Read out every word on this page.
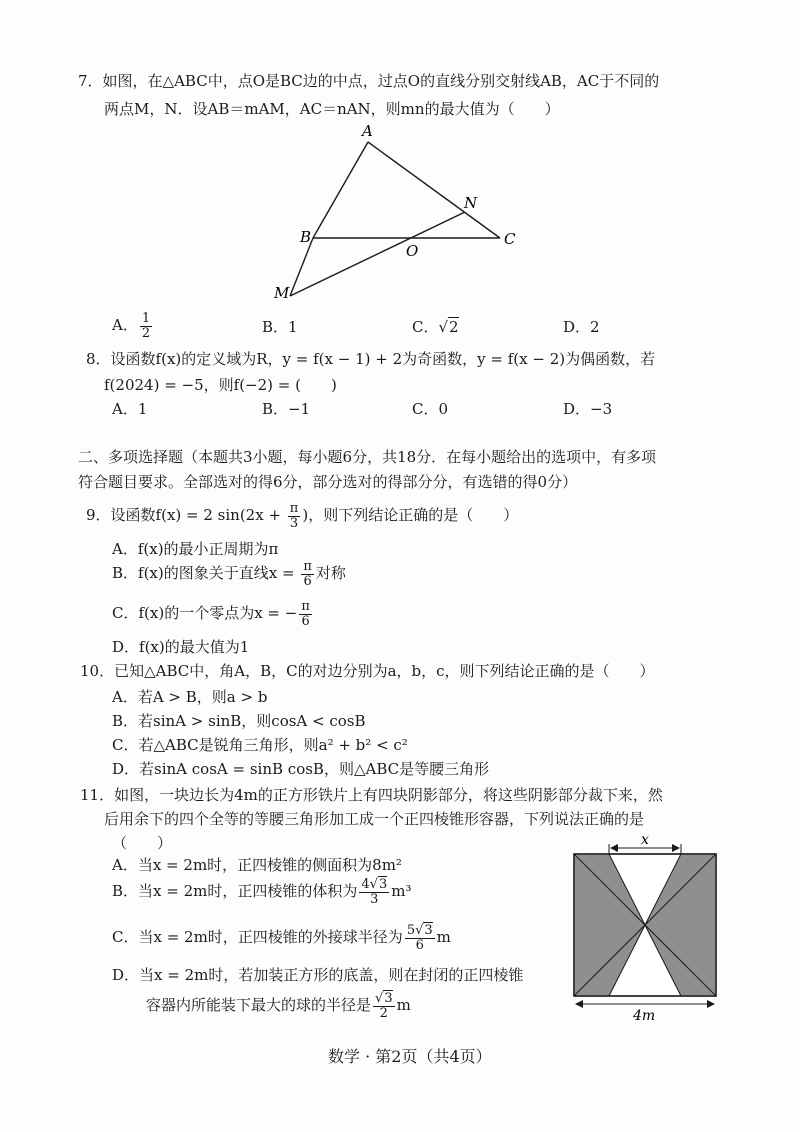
7．如图，在△ABC中，点O是BC边的中点，过点O的直线分别交射线AB，AC于不同的
两点M，N．设AB＝mAM，AC＝nAN，则mn的最大值为（　　）
A
B	C
O
N
M
A． $\frac{1}{2}$	B．1	C．√2	D．2
8．设函数f(x)的定义域为R，y = f(x − 1) + 2为奇函数，y = f(x − 2)为偶函数，若
f(2024) = −5，则f(−2) = (　　)
A．1	B．−1	C．0	D．−3
二、多项选择题（本题共3小题，每小题6分，共18分．在每小题给出的选项中，有多项
符合题目要求。全部选对的得6分，部分选对的得部分分，有选错的得0分）
9．设函数f(x) = 2 $\sin(2x + \frac{\pi}{3}$ )，则下列结论正确的是（　　）
A．f(x)的最小正周期为π
B．f(x)的图象关于直线$x = \frac{\pi}{6}$ 对称
C．f(x)的一个零点为x = − $\frac{\pi}{6}$
D．f(x)的最大值为1
10．已知△ABC中，角A，B，C的对边分别为a，b，c，则下列结论正确的是（　　）
A．若A > B，则a > b
B．若sinA > sinB，则cosA < cosB
C．若△ABC是锐角三角形，则a² + b² < c²
D．若sinA cosA = sinB cosB，则△ABC是等腰三角形
11．如图，一块边长为4m的正方形铁片上有四块阴影部分，将这些阴影部分裁下来，然
后用余下的四个全等的等腰三角形加工成一个正四棱锥形容器，下列说法正确的是
（　　）
A．当x = 2m时，正四棱锥的侧面积为8m²
B．当x = 2m时，正四棱锥的体积为 $\frac{4√3}{3} m^3$
C．当x = 2m时，正四棱锥的外接球半径为 $\frac{5√3}{6}$ m
D．当x = 2m时，若加装正方形的底盖，则在封闭的正四棱锥
容器内所能装下最大的球的半径是 $\frac{√3}{2}$ m
x
4m
数学 · 第2页（共4页）
